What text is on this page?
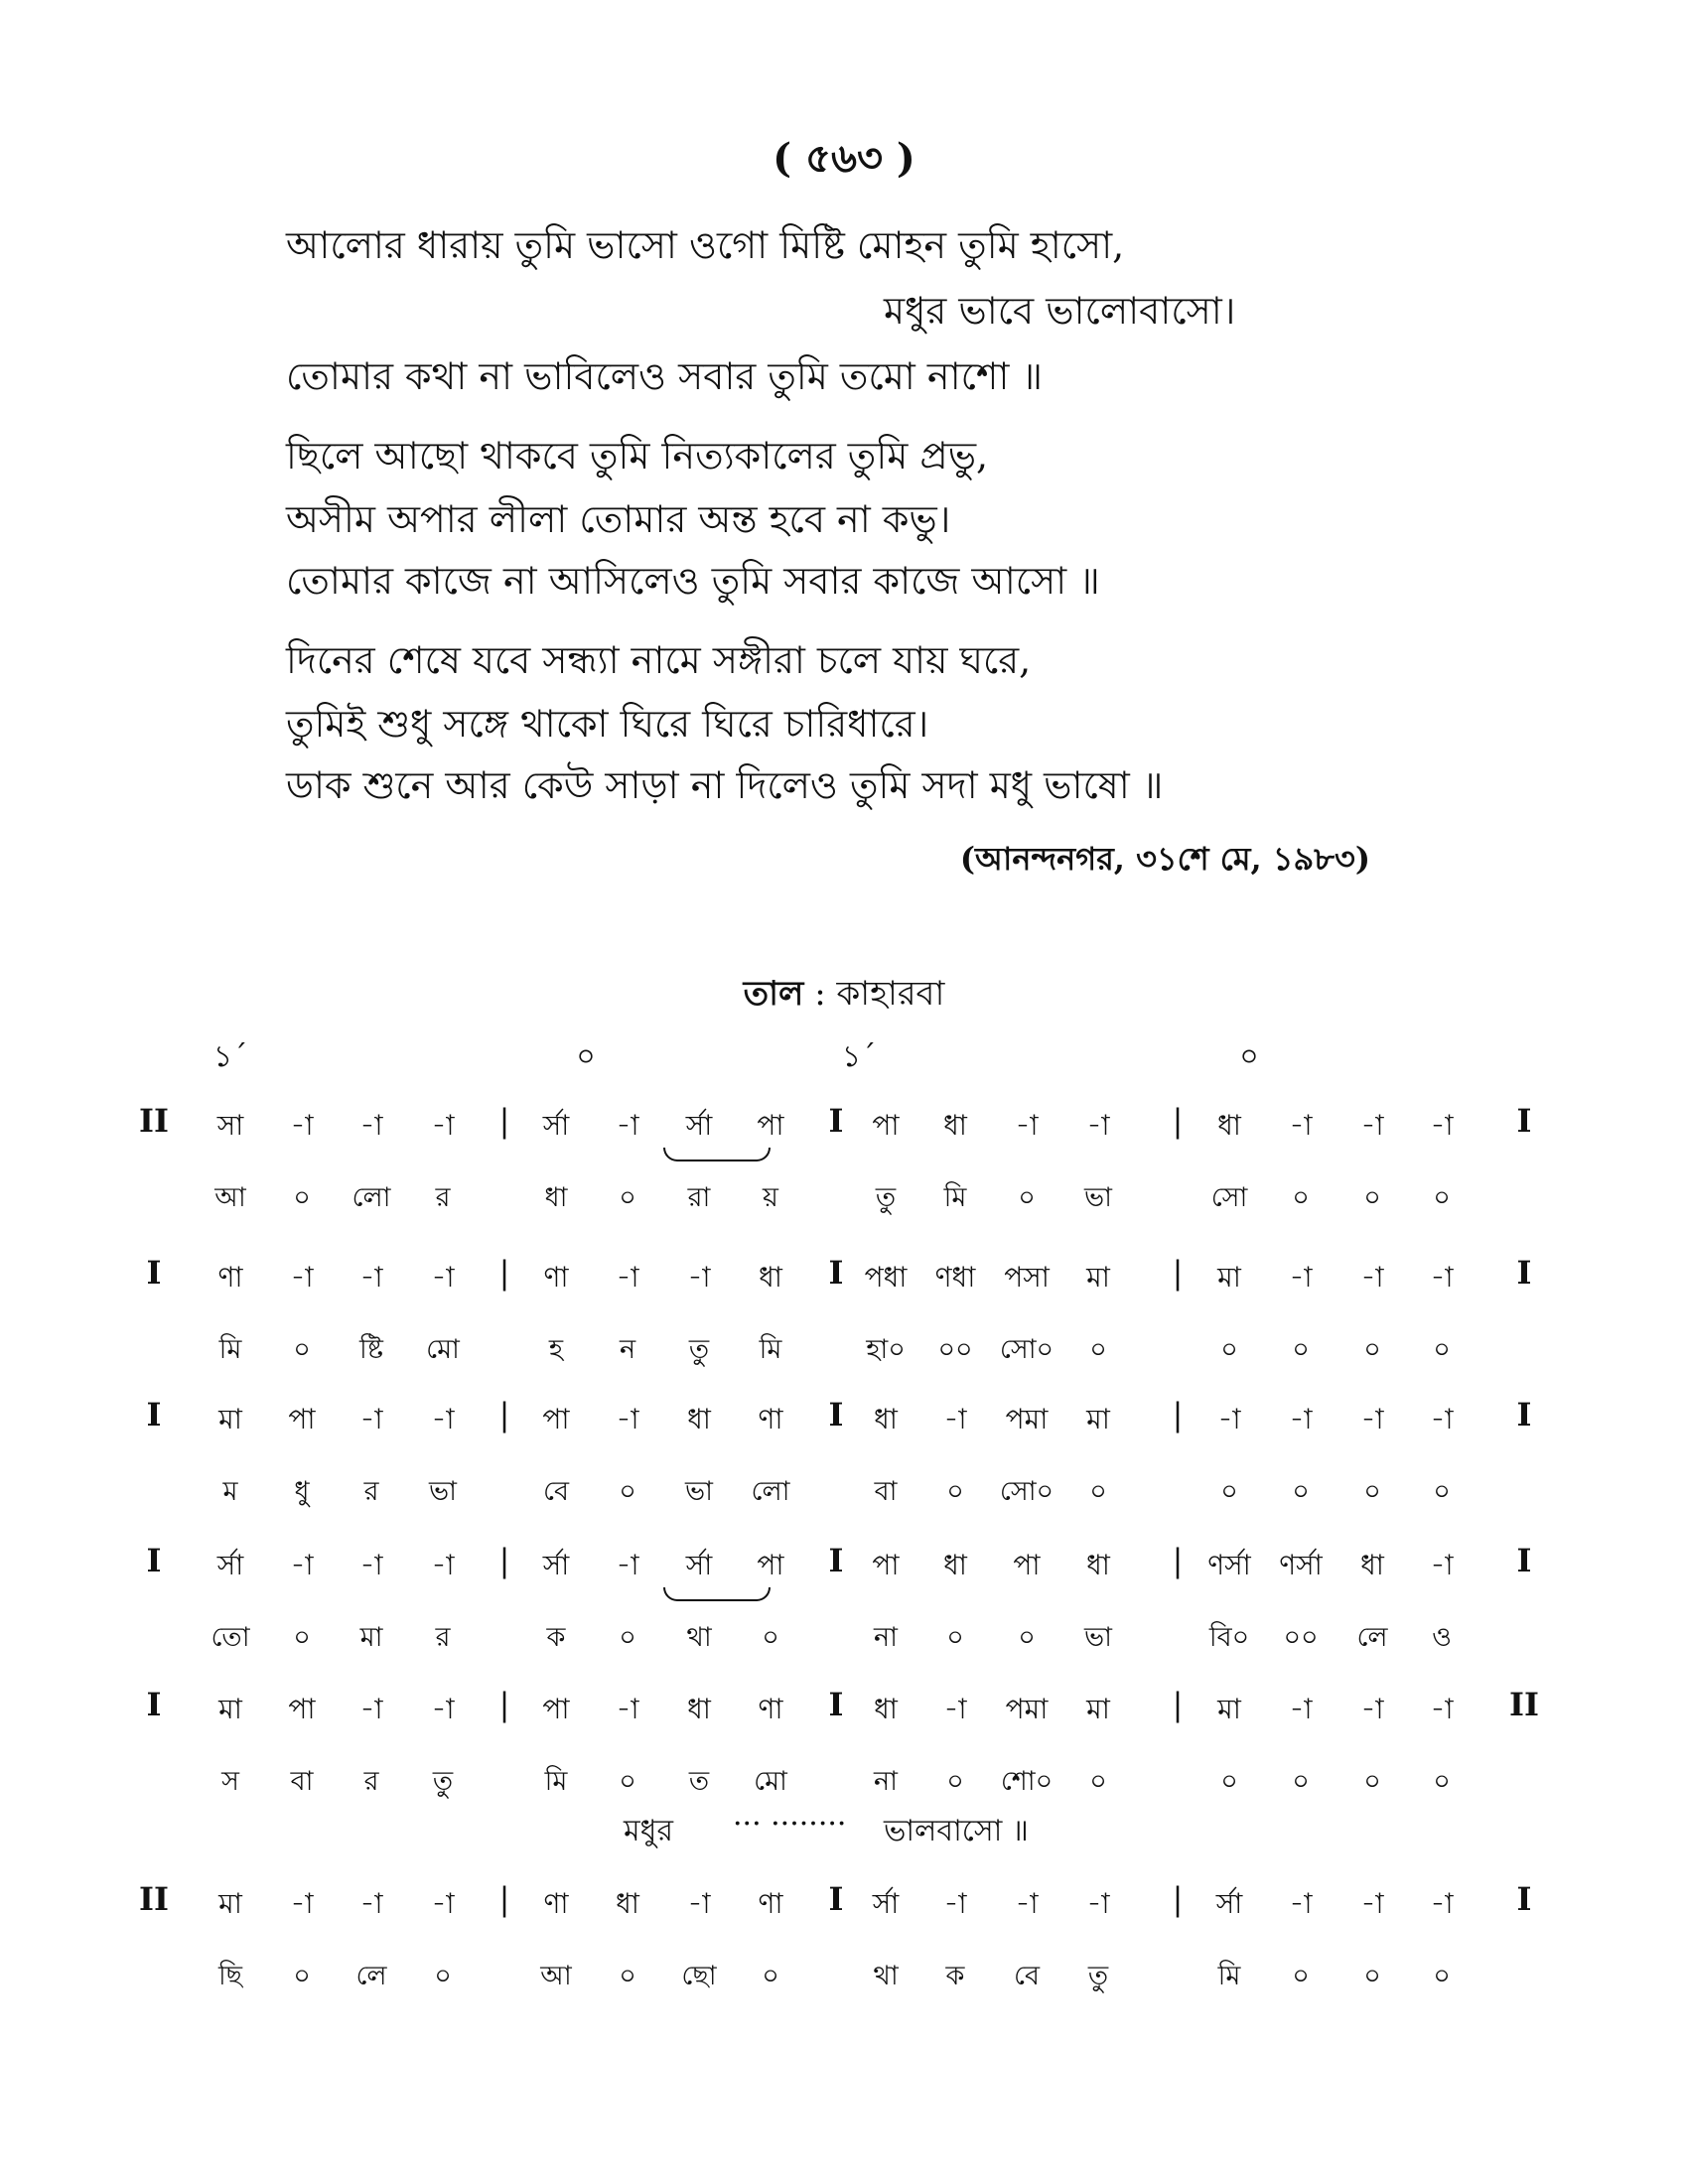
( ৫৬৩ )
আলোর ধারায় তুমি ভাসো ওগো মিষ্টি মোহন তুমি হাসো,
মধুর ভাবে ভালোবাসো।
তোমার কথা না ভাবিলেও সবার তুমি তমো নাশো ॥
ছিলে আছো থাকবে তুমি নিত্যকালের তুমি প্রভু,
অসীম অপার লীলা তোমার অন্ত হবে না কভু।
তোমার কাজে না আসিলেও তুমি সবার কাজে আসো ॥
দিনের শেষে যবে সন্ধ্যা নামে সঙ্গীরা চলে যায় ঘরে,
তুমিই শুধু সঙ্গে থাকো ঘিরে ঘিরে চারিধারে।
ডাক শুনে আর কেউ সাড়া না দিলেও তুমি সদা মধু ভাষো ॥
(আনন্দনগর, ৩১শে মে, ১৯৮৩)
তাল : কাহারবা
১´	০	১´	০
II	|	I	|	I
সা -া -া -া	র্সা -া র্সা পা	পা ধা -া -া	ধা -া -া -া
আ ০ লো র	ধা ০ রা য়	তু মি ০ ভা	সো ০ ০ ০
I	|	I	|	I
ণা -া -া -া	ণা -া -া ধা	পধা ণধা পসা মা	মা -া -া -া
মি ০ ষ্টি মো	হ ন তু মি	হা০ ০০ সো০ ০	০ ০ ০ ০
I	|	I	|	I
মা পা -া -া	পা -া ধা ণা	ধা -া পমা মা	-া -া -া -া
ম ধু র ভা	বে ০ ভা লো	বা ০ সো০ ০	০ ০ ০ ০
I	|	I	|	I
র্সা -া -া -া	র্সা -া র্সা পা	পা ধা পা ধা	ণর্সা ণর্সা ধা -া
তো ০ মা র	ক ০ থা ০	না ০ ০ ভা	বি০ ০০ লে ও
I	|	I	|	II
মা পা -া -া	পা -া ধা ণা	ধা -া পমা মা	মা -া -া -া
স বা র তু	মি ০ ত মো	না ০ শো০ ০	০ ০ ০ ০
II	|	I	|	I
মা -া -া -া	ণা ধা -া ণা	র্সা -া -া -া	র্সা -া -া -া
ছি ০ লে ০	আ ০ ছো ০	থা ক বে তু	মি ০ ০ ০
মধুর ··· ········ ভালবাসো ॥
